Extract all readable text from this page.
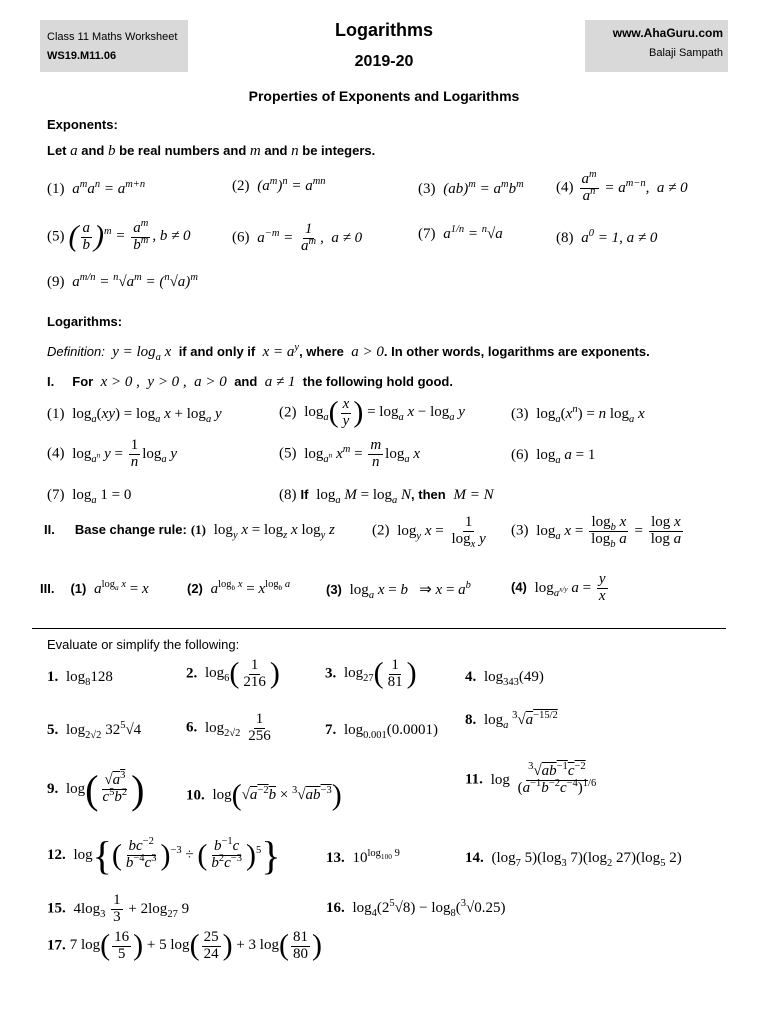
Class 11 Maths Worksheet
WS19.M11.06
Logarithms
2019-20
www.AhaGuru.com
Balaji Sampath
Properties of Exponents and Logarithms
Exponents:
Let a and b be real numbers and m and n be integers.
(1)  $a^ma^n = a^{m+n}$	(2)  $(a^m)^n = a^{mn}$	(3)  $(ab)^m = a^mb^m$ $(4) \frac{a^m}{a^n} = a^{m-n}$,  a ≠ 0
(5) ( $\frac{a}{b} )^m = \frac{a^m}{b^m}$ , b ≠ 0	(6)  $a^{-m} = \frac{1}{a^m}$ ,  a ≠ 0	(7)  $a^{1/n} = ^n√a$	(8)  $a^0 = 1$, a ≠ 0
(9)  $a^{m/n} = ^n√a^m = (^n√a)^m$
Logarithms:
Definition:  $y = \log_a x$  if and only if  $x = a^y$, where  a > 0. In other words, logarithms are exponents.
I. For  x > 0 ,  y > 0 ,  a > 0  and  a ≠ 1  the following hold good.
(1)  $\log_a(xy) = \log_a x + \log_a y$	(2)  $\log_a( \frac{x}{y}$ ) = $\log_a x - \log_a y$	(3)  $\log_a(x^n) = n$ $\log_a x$
(4)  $\log_{a^n} y = \frac{1}{n} \log_a y$	(5)  $\log_{a^n} x^m = \frac{m}{n} \log_a x$	(6)  $\log_a a = 1$
(7)  $\log_a 1 = 0$	(8) If  $\log_a M = \log_a N$, then  M = N
II. Base change rule: (1)  $\log_y x = \log_z x$ $\log_y z$ (2)  $\log_y x = \frac{1}{\log_x y} (3)$  $\log_a x = \frac{\log_b x}{\log_b a} = \frac{\text{log x}}{\text{log a}}$
III. (1) $a^{log_a x} = x$	(2) $a^{log_b x} = x^{log_b a}$	(3)  $\log_a x = b$   ⇒ $x = a^b$	(4)  $\log_{a^{x/y}} a = \frac{y}{x}$
Evaluate or simplify the following:
1.  $\log_8128$	2.  $\log_6( \frac{1}{216}$ )	3.  $\log_{27}( \frac{1}{81}$ )	4.  $\log_{343}(49)$
5.  $\log_{2√2} 32^5√4$	6.  $\log_{2√2} \frac{1}{256}$	7.  $\log_{0.001}(0.0001)$
8.  $\log_a ^3√a^{-15/2}$
9.  $\log( \frac{√a^3}{c^5b^2}$ )	10.  $\log(√a^{-2}b \times ^3√ab^{-3})$	11.  $\log \frac{^3√ab^{-1}c^{-2}}{(a^{-1}b^{-2}c^{-4})^{1/6}}$
12.  $\log\{( \frac{bc^{-2}}{b^{-4}c^3} )^{-3}$ ÷ ( $\frac{b^{-1}c}{b^2c^{-3}} )^5$}	13.  $10^{log_{100} 9}$	14.  ($\log_7$ $5)(\log_3$ $7)(\log_2$ $27)(\log_5$ 2)
15.  $4\log_3 \frac{1}{3} + 2\log_{27}$ 9	16.  $\log_4(2^5√8) - \log_8(^3√0.25)$
17. 7 $\log( \frac{16}{5}$ ) + 5 $\log( \frac{25}{24}$ ) + 3 $\log( \frac{81}{80}$ )
